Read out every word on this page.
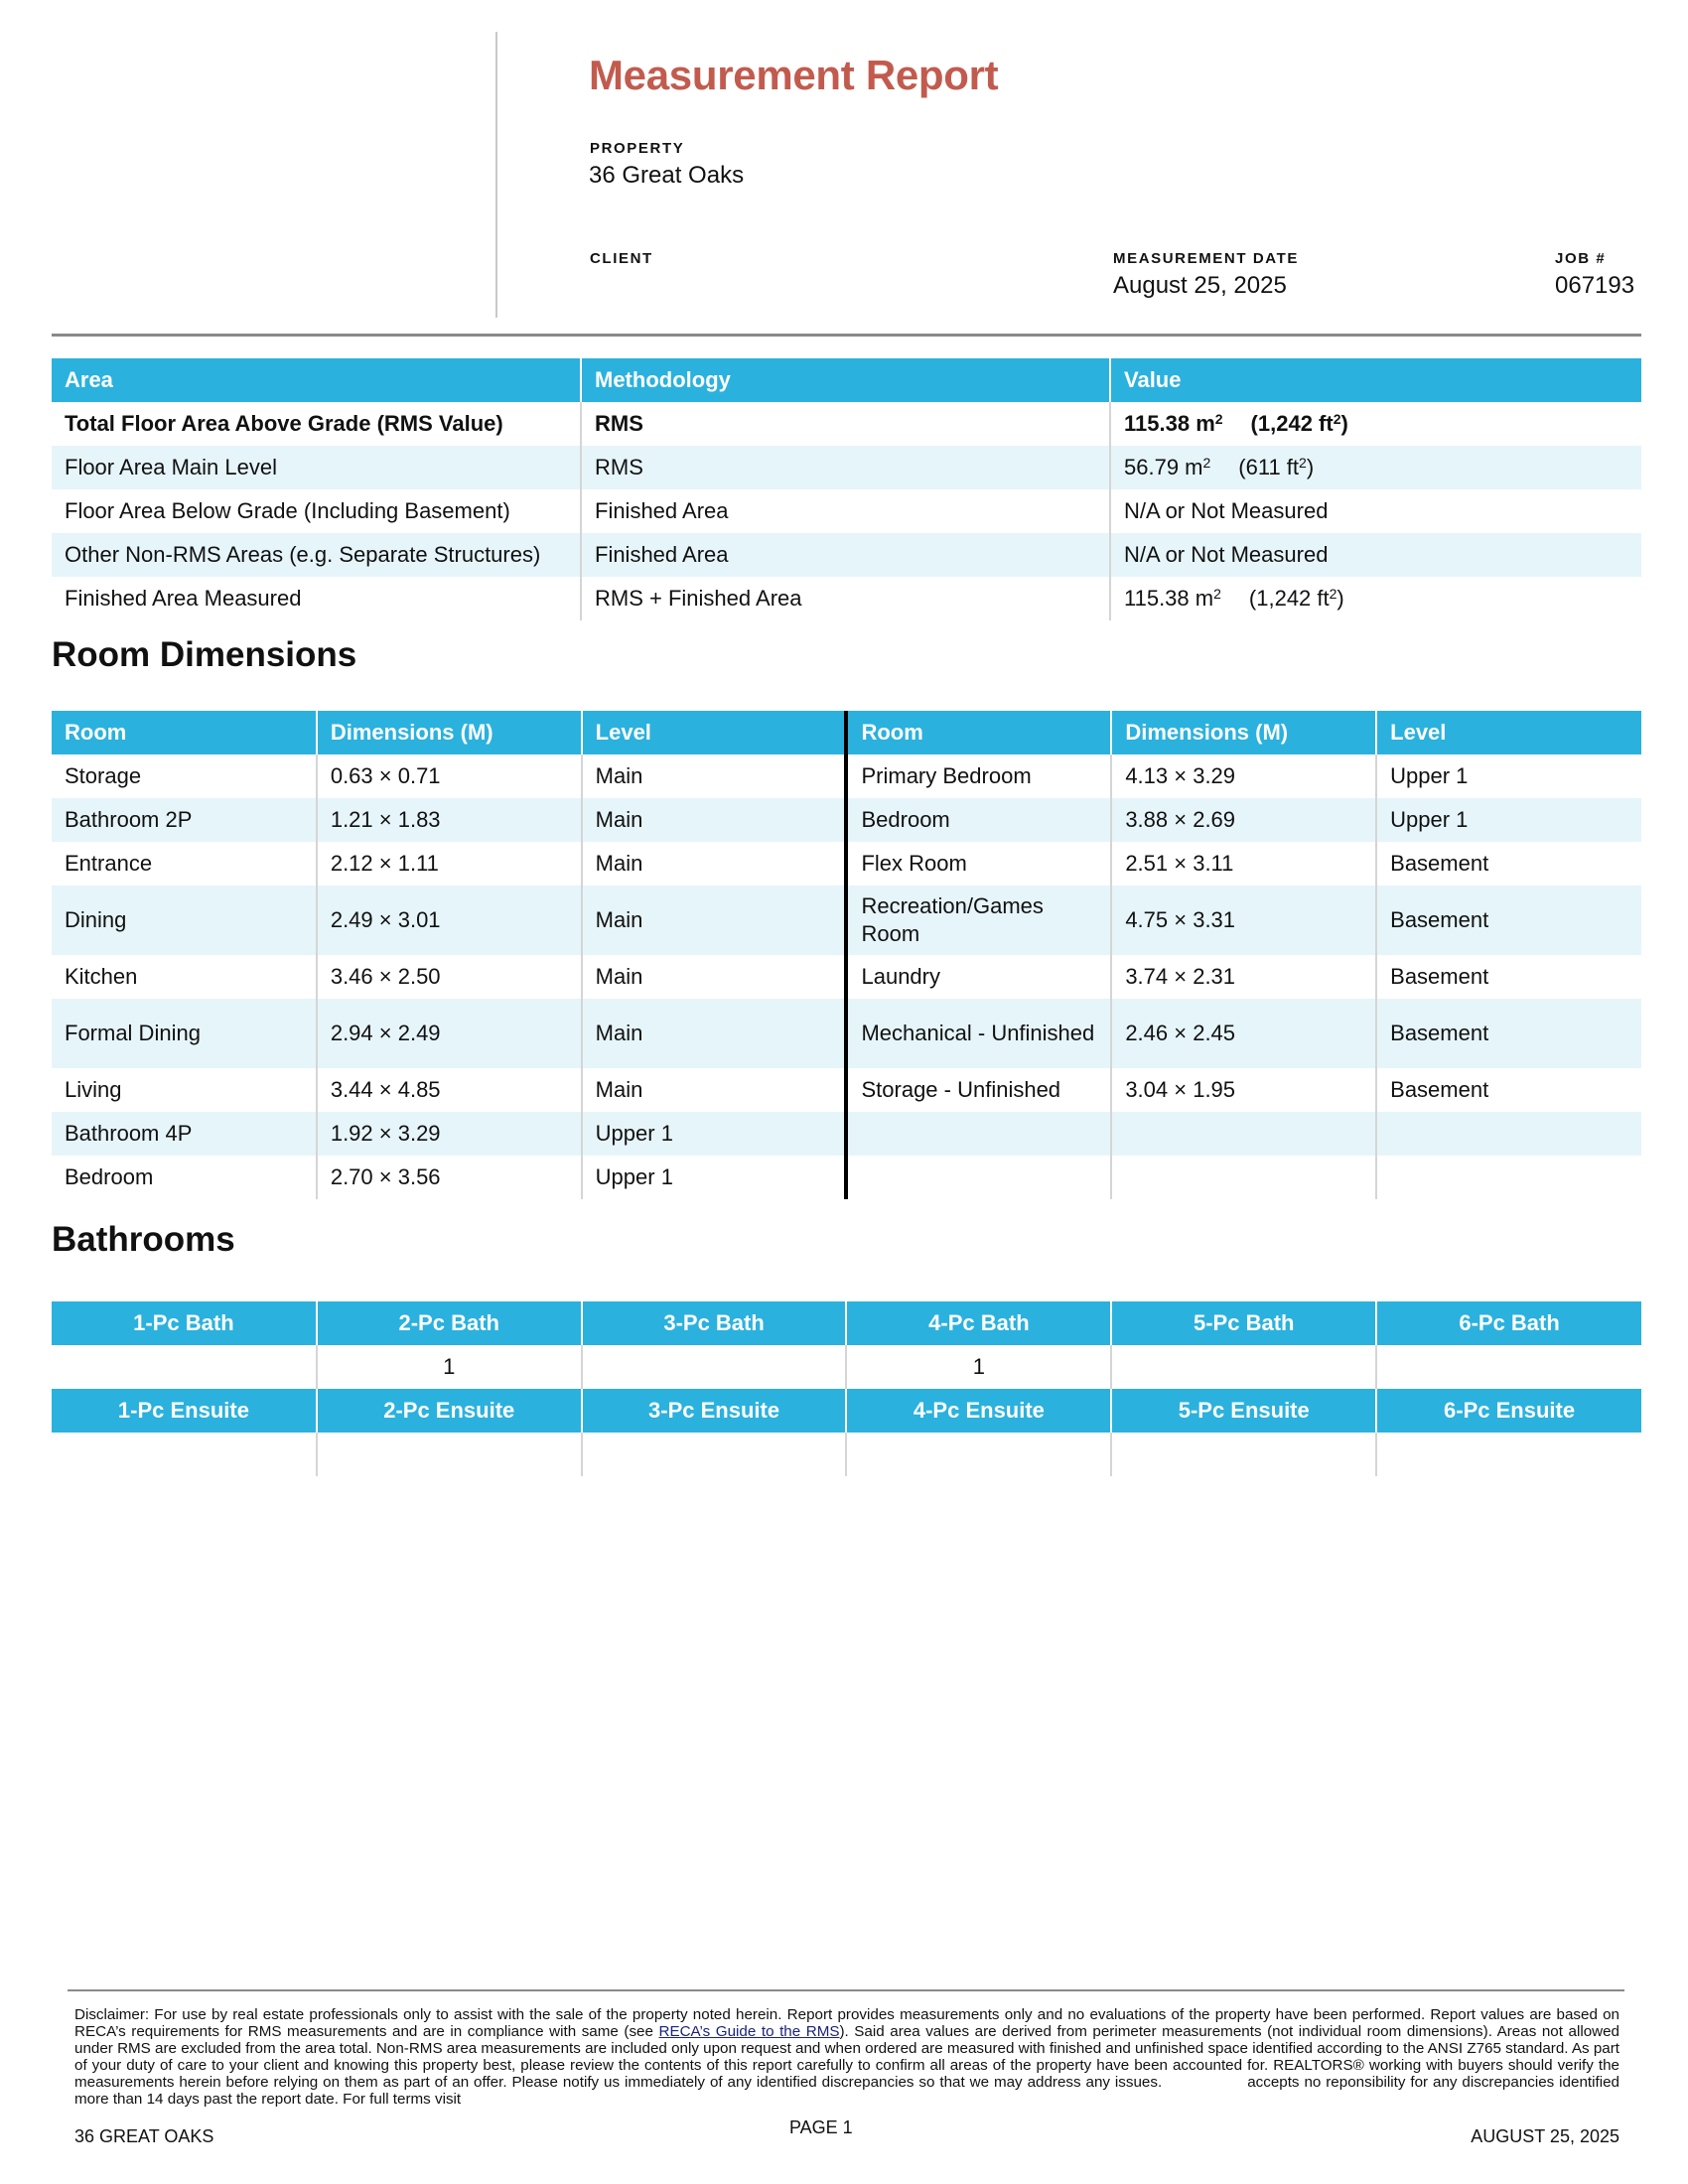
Measurement Report
PROPERTY
36 Great Oaks
CLIENT	MEASUREMENT DATE
August 25, 2025
JOB #
067193
Area	Methodology	Value
Total Floor Area Above Grade (RMS Value)	RMS	115.38 $m^2$ (1,242 $ft^2$)
Floor Area Main Level	RMS	56.79 $m^2$ (611 $ft^2$)
Floor Area Below Grade (Including Basement)	Finished Area	N/A or Not Measured
Other Non-RMS Areas (e.g. Separate Structures)	Finished Area	N/A or Not Measured
Finished Area Measured	RMS + Finished Area	115.38 $m^2$ (1,242 $ft^2$)
Room Dimensions
Room	Dimensions (M)	Level	Room	Dimensions (M)	Level
Storage	0.63 × 0.71	Main	Primary Bedroom	4.13 × 3.29	Upper 1
Bathroom 2P	1.21 × 1.83	Main	Bedroom	3.88 × 2.69	Upper 1
Entrance	2.12 × 1.11	Main	Flex Room	2.51 × 3.11	Basement
Dining	2.49 × 3.01	Main	Recreation/Games Room	4.75 × 3.31	Basement
Kitchen	3.46 × 2.50	Main	Laundry	3.74 × 2.31	Basement
Formal Dining	2.94 × 2.49	Main	Mechanical - Unfinished	2.46 × 2.45	Basement
Living	3.44 × 4.85	Main	Storage - Unfinished	3.04 × 1.95	Basement
Bathroom 4P	1.92 × 3.29	Upper 1			
Bedroom	2.70 × 3.56	Upper 1			
Bathrooms
1-Pc Bath	2-Pc Bath	3-Pc Bath	4-Pc Bath	5-Pc Bath	6-Pc Bath
	1		1		
1-Pc Ensuite	2-Pc Ensuite	3-Pc Ensuite	4-Pc Ensuite	5-Pc Ensuite	6-Pc Ensuite

Disclaimer: For use by real estate professionals only to assist with the sale of the property noted herein. Report provides measurements only and no evaluations of the property have been performed. Report values are based on RECA’s requirements for RMS measurements and are in compliance with same (see RECA’s Guide to the RMS). Said area values are derived from perimeter measurements (not individual room dimensions). Areas not allowed under RMS are excluded from the area total. Non-RMS area measurements are included only upon request and when ordered are measured with finished and unfinished space identified according to the ANSI Z765 standard. As part of your duty of care to your client and knowing this property best, please review the contents of this report carefully to confirm all areas of the property have been accounted for. REALTORS® working with buyers should verify the measurements herein before relying on them as part of an offer. Please notify us immediately of any identified discrepancies so that we may address any issues.	accepts no reponsibility for any discrepancies identified more than 14 days past the report date. For full terms visit
36 GREAT OAKS	PAGE 1	AUGUST 25, 2025
